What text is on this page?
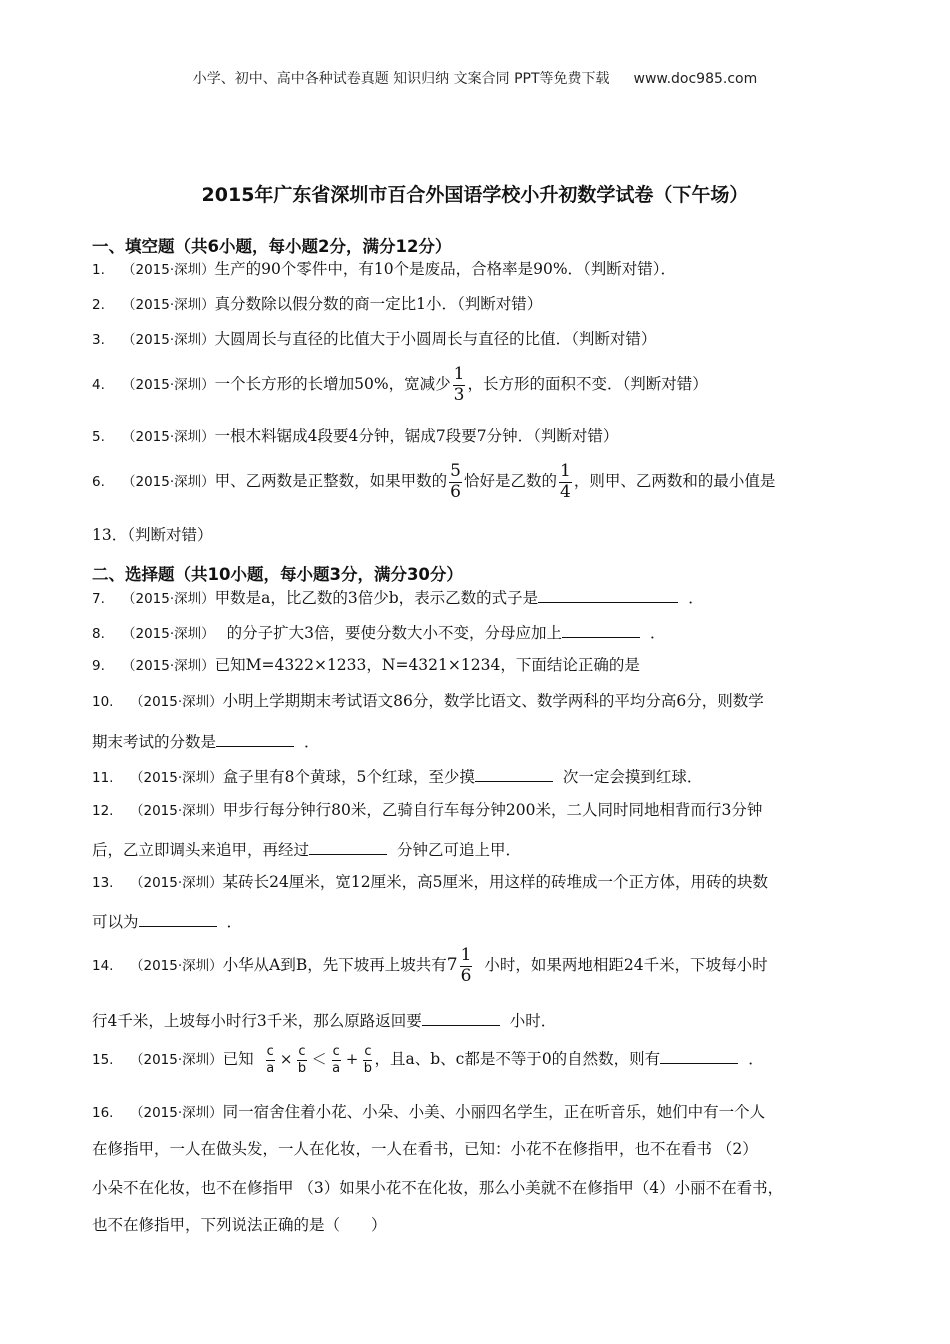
小学、初中、高中各种试卷真题 知识归纳 文案合同 PPT等免费下载 www.doc985.com
2015年广东省深圳市百合外国语学校小升初数学试卷（下午场）
一、填空题（共6小题，每小题2分，满分12分）
1. （2015·深圳）生产的90个零件中，有10个是废品，合格率是90%．（判断对错）．
2. （2015·深圳）真分数除以假分数的商一定比1小．（判断对错）
3. （2015·深圳）大圆周长与直径的比值大于小圆周长与直径的比值．（判断对错）
4. （2015·深圳）一个长方形的长增加50%，宽减少 $\frac{1}{3}$ ，长方形的面积不变．（判断对错）
5. （2015·深圳）一根木料锯成4段要4分钟，锯成7段要7分钟．（判断对错）
6. （2015·深圳）甲、乙两数是正整数，如果甲数的 $\frac{5}{6}$ 恰好是乙数的 $\frac{1}{4}$ ，则甲、乙两数和的最小值是
13．（判断对错）
二、选择题（共10小题，每小题3分，满分30分）
7. （2015·深圳）甲数是a，比乙数的3倍少b，表示乙数的式子是	．
8. （2015·深圳） 的分子扩大3倍，要使分数大小不变，分母应加上	．
9. （2015·深圳）已知M=4322×1233，N=4321×1234，下面结论正确的是
10. （2015·深圳）小明上学期期末考试语文86分，数学比语文、数学两科的平均分高6分，则数学
期末考试的分数是	．
11. （2015·深圳）盒子里有8个黄球，5个红球，至少摸	次一定会摸到红球．
12. （2015·深圳）甲步行每分钟行80米，乙骑自行车每分钟200米，二人同时同地相背而行3分钟
后，乙立即调头来追甲，再经过	分钟乙可追上甲．
13. （2015·深圳）某砖长24厘米，宽12厘米，高5厘米，用这样的砖堆成一个正方体，用砖的块数
可以为	．
14. （2015·深圳）小华从A到B，先下坡再上坡共有$7 \frac{1}{6}$ 小时，如果两地相距24千米，下坡每小时
行4千米，上坡每小时行3千米，那么原路返回要	小时．
15. （2015·深圳）已知 $\frac{c}{a} \times \frac{c}{b} < \frac{c}{a} + \frac{c}{b}$ ，且a、b、c都是不等于0的自然数，则有	．
16. （2015·深圳）同一宿舍住着小花、小朵、小美、小丽四名学生，正在听音乐，她们中有一个人
在修指甲，一人在做头发，一人在化妆，一人在看书，已知：小花不在修指甲，也不在看书 （2）
小朵不在化妆，也不在修指甲 （3）如果小花不在化妆，那么小美就不在修指甲（4）小丽不在看书，
也不在修指甲，下列说法正确的是（　　）
